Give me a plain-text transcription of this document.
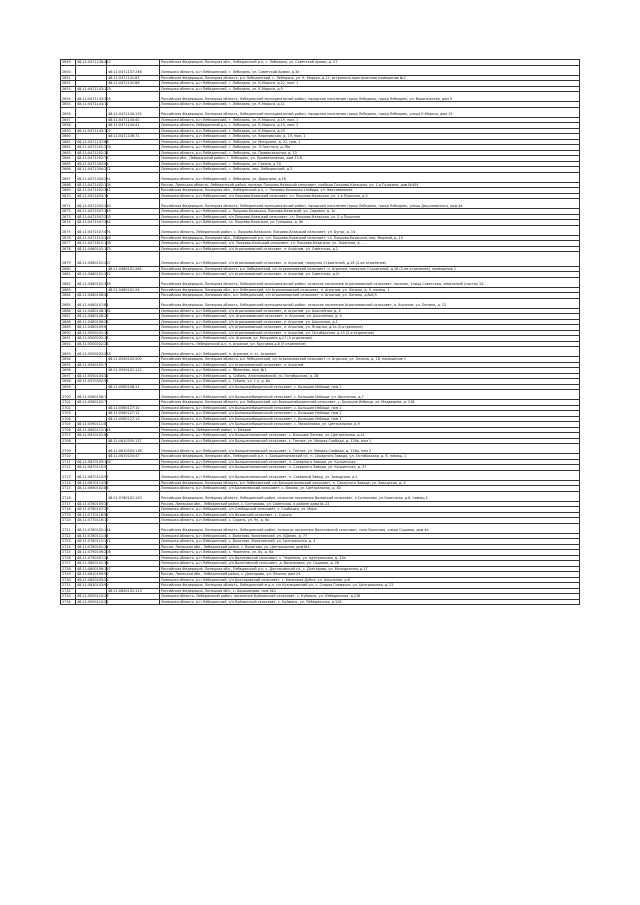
2649	48:11:0471136:412		Российская Федерация, Липецкая обл., Лебедянский р-н, г. Лебедянь, ул. Советской Армии, д. 27
2650		48:11:0471137:246	Липецкая область, р-н Лебедянский, г. Лебедянь, ул. Советской Армии, д.3а
2651		48:11:0471141:83	Российская Федерация, Липецкая область, р-н Лебедянский, г. Лебедянь, ул. К. Маркса, д.22, встроенно-пристроенное помещение №2
2652		48:11:0471141:86	Липецкая область, р-н Лебедянский, г. Лебедянь, ул. К.Маркса, д.22, пом. 1
2653	48:11:0471143:103		Липецкая область, р-н Лебедянский, г. Лебедянь, ул. К.Маркса, д.5
2654	48:11:0471143:325		Российская Федерация, Липецкая область, Лебедянский муниципальный район, городское поселение город Лебедянь, город Лебедянь, ул. Воронежская, дом 9
2655	48:11:0471144:12		Липецкая область, р-н Лебедянский, г. Лебедянь, ул. К.Маркса, д.11
2656		48:11:0471144:155	Российская Федерация, Липецкая область, Лебедянский муниципальный район, городское поселение город Лебедянь, город Лебедянь, улица К.Маркса, дом 19
2657		48:11:0471144:40	Липецкая область, р-н Лебедянский, г. Лебедянь, ул. К.Маркса, д.19, пом. 1
2658		48:11:0471144:41	Липецкая область, Лебедянский р-н, г. Лебедянь, ул. К.Маркса, д.19, пом. 2
2659	48:11:0471145:101		Липецкая область, р-н Лебедянский, г. Лебедянь, ул. К.Маркса, д.23
2660		48:11:0471146:71	Липецкая область, р-н Лебедянский, г. Лебедянь, ул. Березовская, д. 19, пом. 1
2661	48:11:0471147:86		Липецкая область, р-н Лебедянский, г. Лебедянь, ул. Мичурина, д. 22, пом. 1
2662	48:11:0471201:205		Липецкая область, р-н Лебедянский, г. Лебедянь, ул. Л.Толстого, д.78а
2663	48:11:0471202:21		Липецкая область, р-н Лебедянский, г. Лебедянь, ул. Привокзальная, д. 13
2664	48:11:0471302:76		Липецкая обл., Лебедянский район, г. Лебедянь, ул. Привокзальная, дом 13 б
2665	48:11:0471303:91		Липецкая область, р-н Лебедянский, г. Лебедянь, ул. Газина, д.7А
2666	48:11:0471304:271		Липецкая область, р-н Лебедянский, г. Лебедянь, пер. Лебедянский, д.3
2667	48:11:0471304:291		Липецкая область, р-н Лебедянский, г. Лебедянь, ул. Доронина, д.1б
2668	48:11:0471402:104		Россия, Липецкая область, Лебедянский район, поселок Покрово-Казацкий сельсовет, слобода Покрово-Казацкая, ул. 1-я Пушкина, дом №404
2669	48:11:0471402:341		Российская Федерация, Липецкая обл., Лебедянский р-н, с. Покрово-Казацкая слобода, ул. Фестивальная
2670	48:11:0471403:14		Липецкая область, р-н Лебедянский, с/п Покрово-Казацкий сельсовет, сл. Покрово-Казацкая, ул. 1-я Пушкина, д.5
2671	48:11:0471502:250		Российская Федерация, Липецкая область, Лебедянский муниципальный район, городское поселение город Лебедянь, город Лебедянь, улица Докучаевского, дом 4а
2672	48:11:0471507:349		Липецкая область, р-н Лебедянский, с. Покрово-Казацкая, Покрово-Казацкий, ул. Садовая, д. 1к
2673	48:11:0471507:203		Липецкая область, р-н Лебедянский, с/п Покрово-Казацкий сельсовет, сл. Покрово-Казацкая, ул. 2-я Пушкина
2674	48:11:0471507:344		Липецкая область, р-н Лебедянский, сл. Покрово-Казацкая, ул. Гришина, д. 8е
2675	48:11:0471507:491		Липецкая область, Лебедянский район, с. Покрово-Казацкая, Покрово-Казацкий сельсовет, ул. Бугор, д. 14
2676	48:11:0471513:316		Российская Федерация, Липецкая обл., Лебедянский р-н, с/п. Покрово-Казацкий сельсовет, сл. Покрово-Казацкая, пер. Мирный, д. 10
2677	48:11:0471812:108		Липецкая область, р-н Лебедянский, с/п. Покрово-Казацкий сельсовет, сл. Покрово-Казацкая, ул. Заречная, д. ...
2678	48:11:0480101:175		Липецкая область, р-н Лебедянский, с/п Агрономовский сельсовет, п. Агроном, ул. Советская, д.2
2679	48:11:0480101:237		Липецкая область, р-н Лебедянский, с/п Агрономовский сельсовет, п. Агроном, переулок Строителей, д.16 (2-ое отделение)
2680		48:11:0480101:264	Российская Федерация, Липецкая область, р-н Лебедянский, с/п Агрономовский сельсовет, п. Агроном, переулок Строителей, д.16 (2-ое отделение), помещение 1
2681	48:11:0480101:242		Липецкая область, р-н Лебедянский, с/п Агрономовский сельсовет, п. Агроном, ул. Советская, д.2г
2682	48:11:0480101:365		Российская Федерация, Липецкая область, Лебедянский муниципальный район, сельское поселение Агрономовский сельсовет, поселок, улица Советская, земельный участок 1А
2683		48:11:0480101:26	Российская Федерация, Липецкая обл., р-н Лебедянский, с/п Агрономовский сельсовет, п. Агроном, ул. Ленина, д. 9, помещ. 1
2684	48:11:0480106:42		Российская Федерация, Липецкая обл., р-н Лебедянский, с/п Агрономовский сельсовет, п. Агроном, ул. Ленина, д.№6/3
2685	48:11:0480107:84		Российская Федерация, Липецкая область, Лебедянский муниципальный район, сельское поселение Агрономовский сельсовет, п. Агроном, ул. Ленина, д. 12
2686	48:11:0480108:182		Липецкая область, р-н Лебедянский, с/п Агрономовский сельсовет, п. Агроном, ул. Шоссейная, д. 4
2687	48:11:0480108:24		Липецкая область, р-н Лебедянский, с/п. Агрономовский сельсовет, п. Агроном, ул. Шоссейная, д. 4
2688	48:11:0480108:25		Липецкая область, р-н Лебедянский, с/п Агрономовский сельсовет, п. Агроном, ул. Школьная, д.1
2689	48:11:0480109:6		Липецкая область, р-н Лебедянский, с/п Агрономовский сельсовет, п. Агроном, ул. Ягодная, д.1а (2-отделение)
2690	48:11:0500201:15		Липецкая область, р-н Лебедянский, с/п Агрономовский сельсовет, п. Агроном, ул. Октябрьская, д.13 (2-е отделение)
2691	48:11:0500202:18		Липецкая область, р-н Лебедянский, с/п. Агроном, ул. Мичурина д.17 (4 отделение)
2692	48:11:0500202:23		Липецкая область, Лебедянский р-н, п. Агроном, ул. Круговая д.8 (5 отделение)
2693	48:11:0500202:253		Липецкая область, р-н Лебедянский, п. Агроном, п. ст. Агроном
2694		48:11:0540102:500	Российская Федерация, Липецкая область, р-н Лебедянский, с/п Агрономовский сельсовет, п. Агроном, ул. Ленина, д. 18, помещение 1
2695	48:11:0540102:7		Липецкая область, р-н Лебедянский, с/п Агрономовский сельсовет, п. Агроном
2696		48:11:0550102:122	Липецкая область, р-н Лебедянский, с. Яблонево, пом. №1
2697	48:11:0550104:32		Липецкая область, р-н Лебедянский, д. Сибиль, Агрономовский, ул. Октябрьская, д. 28
2698	48:11:0570302:94		Липецкая область, р-н Лебедянский, с. Губино, ул. 1-у, д. 6а
2699		48:11:0580108:11	Липецкая область, р-н Лебедянский, с/п Большеизбищенский сельсовет, с. Большие Избищи, пом 1
2700	48:11:0580108:7		Липецкая область, р-н Лебедянский, с/п Большеизбищенский сельсовет, с. Большие Избищи, ул. Школьная, д.7
2701	48:11:0580102:7		Российская Федерация, Липецкая область, р-н Лебедянский, с/п Большеизбищенский сельсовет, с. Большие Избищи, ул. Медведева, д. 21б
2702		48:11:0580127:10	Липецкая область, р-н Лебедянский, с/п Большеизбищенский сельсовет, с. Большие Избищи, пом 1
2703		48:11:0580127:12	Липецкая область, р-н Лебедянский, с/п Большеизбищенский сельсовет, с. Большие Избищи, пом 1
2704		48:11:0580127:13	Липецкая область, р-н Лебедянский, с/п Большеизбищенский сельсовет, с. Большие Избищи, пом 1
2705	48:11:0590111:8		Липецкая область, р-н Лебедянский, с/п Большеизбищенский сельсовет, с. Михайловка, ул. Центральная, д.9
2706	48:11:0600113:161		Липецкая область, Лебедянский район, с. Мокрое
2707	48:11:0610101:61		Липецкая область, р-н Лебедянский, с/п Большепоповский сельсовет, с. Большое Попово, ул. Центральная, д.41
2708		48:11:0610305:137	Липецкая область, р-н Лебедянский, с/п Большепоповский сельсовет, с. Теплое, ул. Мокрая Слобода, д. 126а, пом 1
2709		48:11:0610305:138	Липецкая область, р-н Лебедянский, с/п Большепоповский сельсовет, с. Теплое, ул. Мокрая Слобода, д. 126а, пом 2
2710		48:11:0670103:47	Российская Федерация, Липецкая обл., Лебедянский р-н, с. Большепоповский с/с, п. Сахарного Завода, ул. Октябрьская, д. 6, помещ. 1
2711	48:11:0670109:105		Липецкая область, р-н Лебедянский, с/п Большепоповский сельсовет, п. Сахарного Завода, ул. Кочкинская
2712	48:11:0670110:5		Липецкая область, р-н Лебедянский, с/п Большепоповский сельсовет, п. Сахарного Завода, ул. Кочкинская, д. 37
2713	48:11:0670114:52		Липецкая область, р-н Лебедянский, с/п Большепоповский сельсовет, п. Сахарный Завод, ул. Заводская, д.1
2714	48:11:0670114:55		Российская Федерация, Липецкая область, р-н Лебедянский, с/п Большепоповский сельсовет, п. Сахарного Завода, ул. Заводская, д. 4
2715	48:11:0690102:85		Липецкая область, р-н Лебедянский, с/п Баловнёвский сельсовет, с. Вязово, ул. Центральная, д. 83
2716		48:11:0760102:120	Российская Федерация, Липецкая область, Лебедянский район, сельское поселение Вязовский сельсовет, с.Сотниково, ул.Советская, д.6, помещ.1
2717	48:11:0760105:27		Россия, Липецкая обл., Лебедянский район, с. Сотниково, ул. Советская, в районе дома № 22
2718	48:11:0760107:29		Липецкая область, р-н Лебедянский, с/п Слободской сельсовет, с. Слободка, ул. Мира
2719	48:11:0770116:51		Липецкая область, р-н Лебедянский, с/п Вязовский сельсовет, с. Суринь
2720	48:11:0770116:10		Липецкая область, р-н Лебедянский, с. Суринь, ул. 9у, д. 6а
2721	48:11:0780102:154		Российская Федерация, Липецкая область, Лебедянский район, сельское поселение Волотовский сельсовет, село Волотово, улица Садовая, дом 4а
2722	48:11:0780111:54		Липецкая область, р-н Лебедянский, с. Волотово, Волотовский, ул. УДалих, д. 77
2723	48:11:0780112:121		Липецкая область, р-н Лебедянский, с. Волотово, Волотовский, ул. Центральная, д. 4
2724	48:11:0780201:24		Россия, Липецкая обл., Лебедянский район, с. Волотово, ул. Центральная, дом №1
2725	48:11:0790106:208		Липецкая область, р-н Лебедянский, с. Черепень, ул. 8у, д. 6а
2726	48:11:0790307:24		Липецкая область, р-н Лебедянский, с/п Волотовский сельсовет, с. Черепень, ул. Центральная, д. 13а
2727	48:11:0800101:36		Липецкая область, р-н Лебедянский, с/п Волотовский сельсовет, д. Васильевка, ул. Садовая, д. 26
2728	48:11:0800106:167		Российская Федерация, Липецкая обл., Лебедянский р-н, с. Докторовский с/с, с. Докторово, ул. Молодежная, д.17
2729	48:11:0810109:52		Россия, Липецкая обл., Лебедянский район, с. Докторово, ул. Печиня, дом 24
2730	48:11:0820203:20		Липецкая область, р-н Лебедянский, с/п Докторовский сельсовет, с. Каменная Дубна, ул. Школьная, д.6
2731	48:11:0830103:99		Российская Федерация, Липецкая область, Лебедянский м.р-н, с/п Кузнецовский с/с, с. Старое Гремячье, ул. Центральная, д. 22
2732		48:11:0840101:123	Российская Федерация, Липецкая обл., с. Хорошилово, пом. №1
2733	48:11:0900110:28		Липецкая область, Лебедянский район, поселение Куйманский сельсовет, с. Куймань, ул. Лебедянская, д.12б
2734	48:11:0900110:29		Липецкая область, р-н Лебедянский, с/п Куйманский сельсовет, с. Куймань, ул. Лебедянская, д.128
